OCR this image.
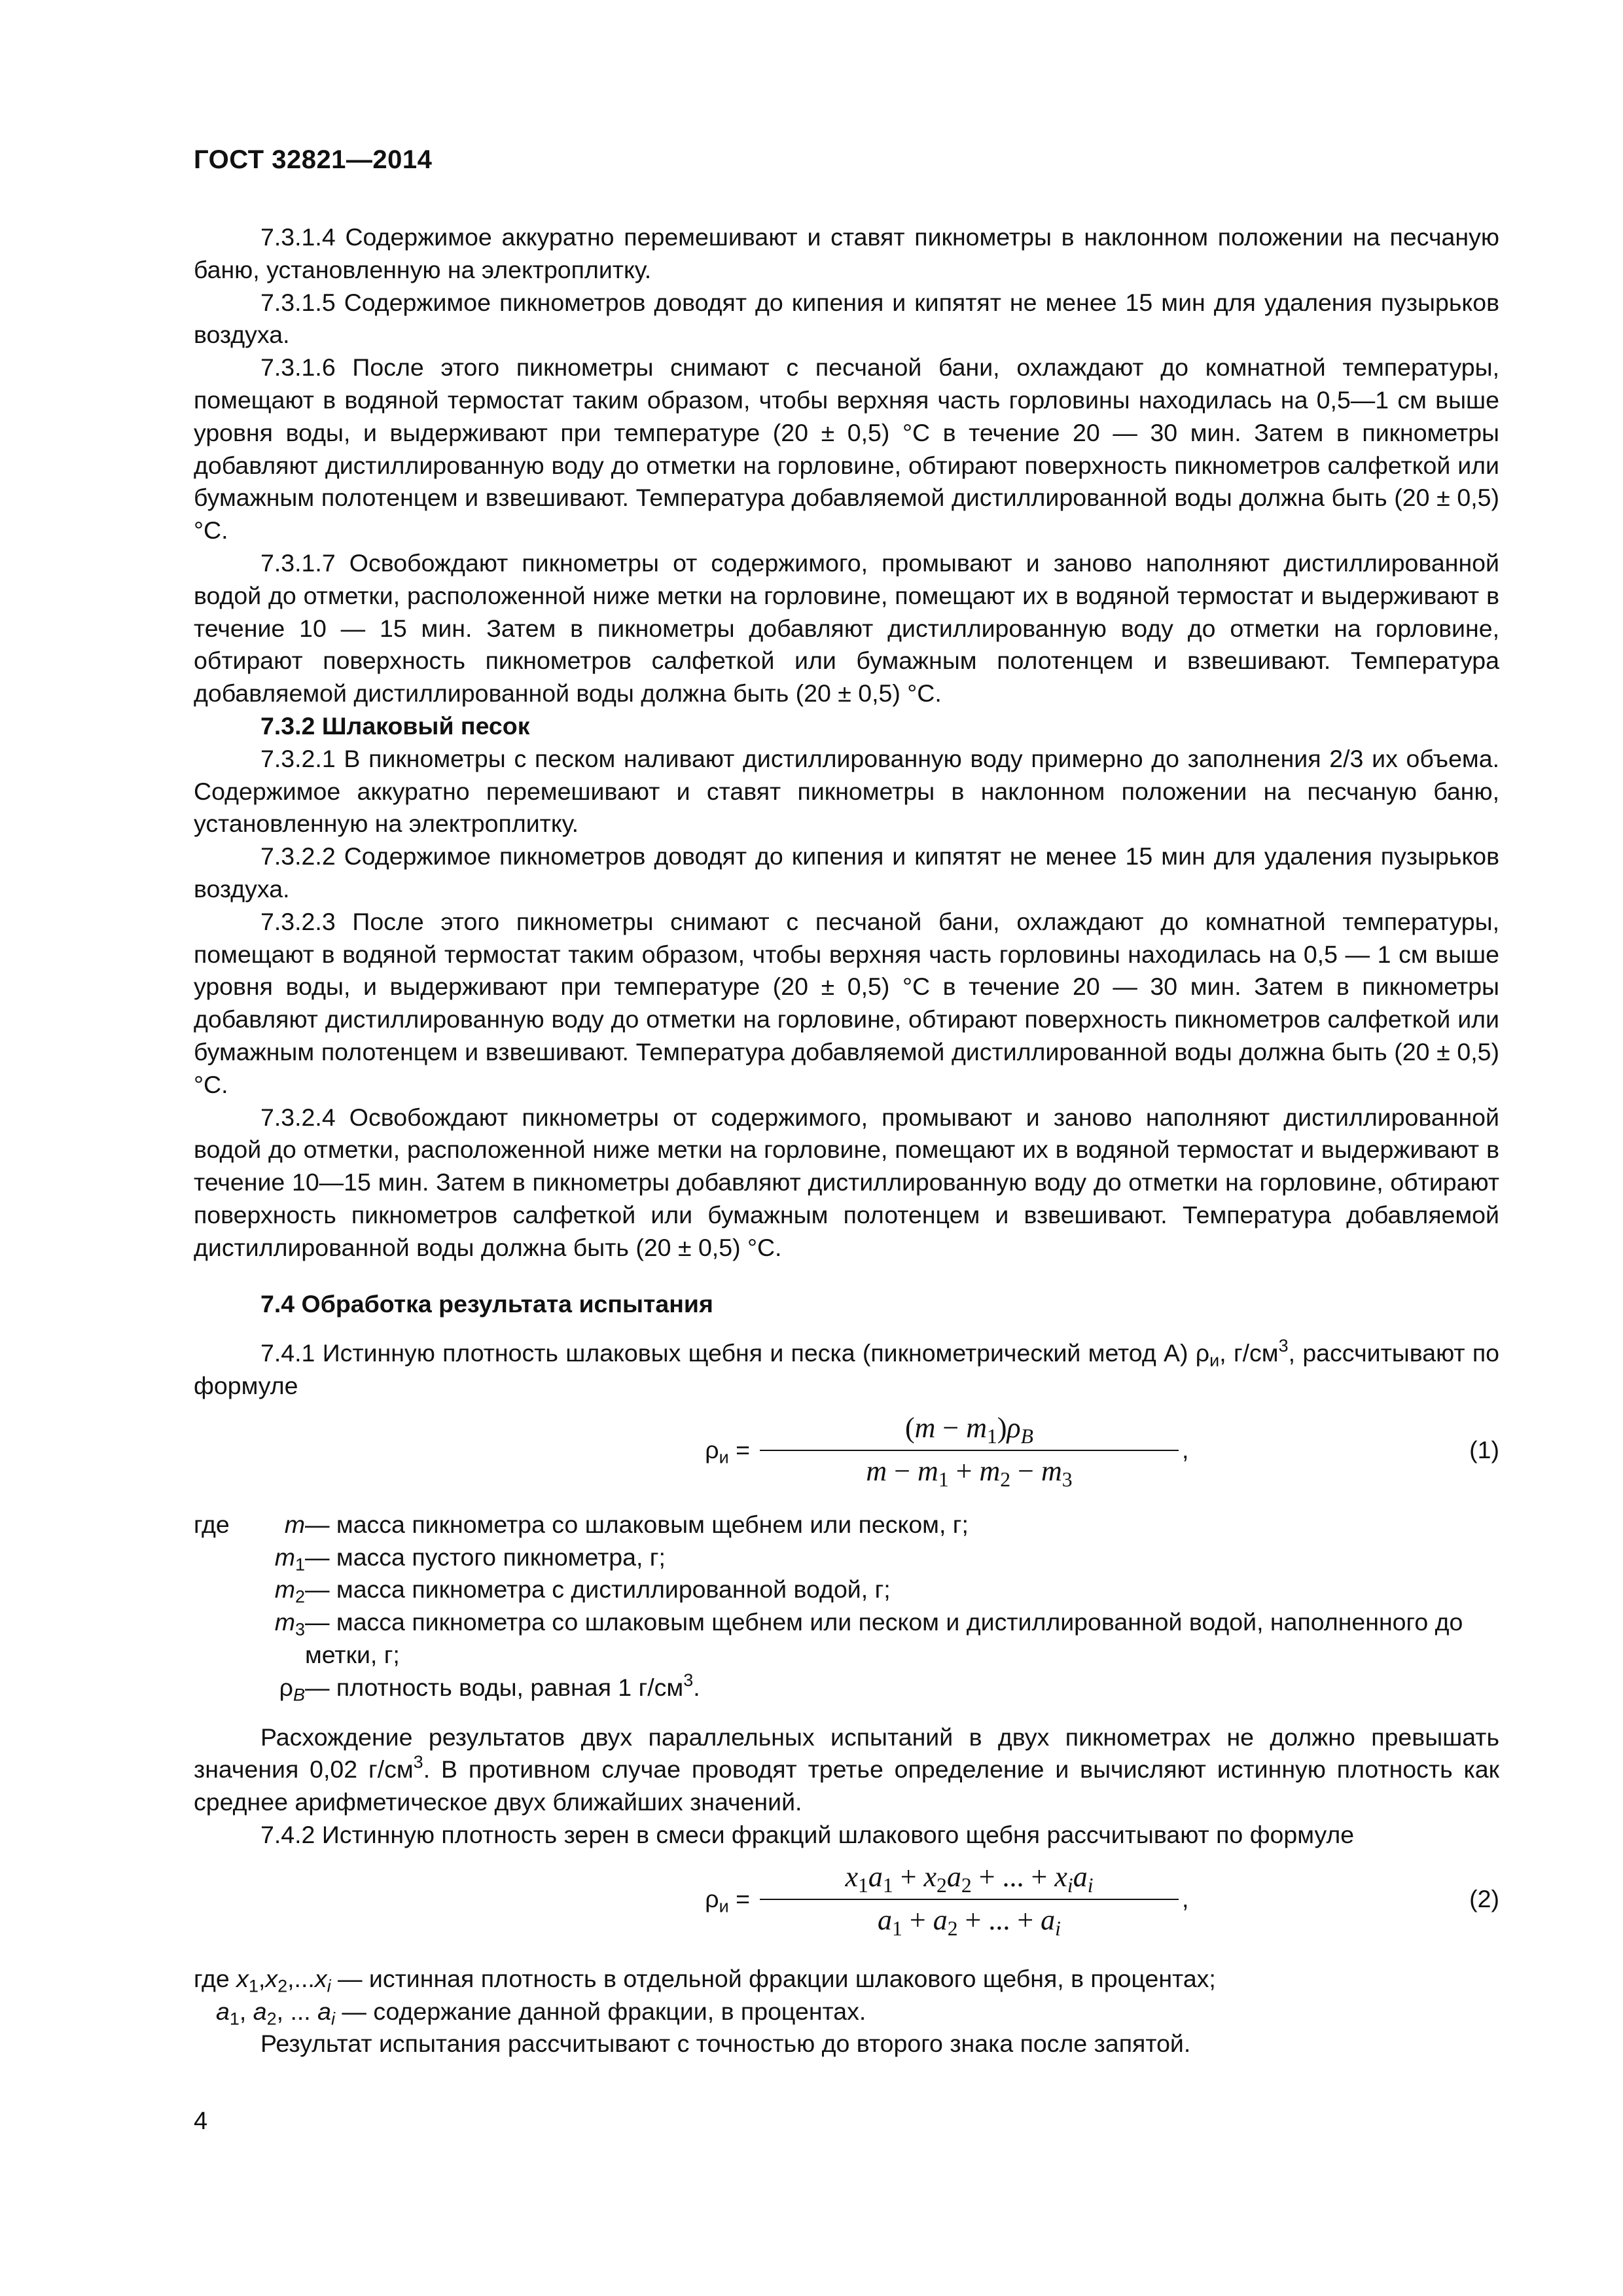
ГОСТ 32821—2014

7.3.1.4 Содержимое аккуратно перемешивают и ставят пикнометры в наклонном положении на песчаную баню, установленную на электроплитку.

7.3.1.5 Содержимое пикнометров доводят до кипения и кипятят не менее 15 мин для удаления пузырьков воздуха.

7.3.1.6 После этого пикнометры снимают с песчаной бани, охлаждают до комнатной температуры, помещают в водяной термостат таким образом, чтобы верхняя часть горловины находилась на 0,5—1 см выше уровня воды, и выдерживают при температуре (20 ± 0,5) °С в течение 20 — 30 мин. Затем в пикнометры добавляют дистиллированную воду до отметки на горловине, обтирают поверхность пикнометров салфеткой или бумажным полотенцем и взвешивают. Температура добавляемой дистиллированной воды должна быть (20 ± 0,5) °С.

7.3.1.7 Освобождают пикнометры от содержимого, промывают и заново наполняют дистиллированной водой до отметки, расположенной ниже метки на горловине, помещают их в водяной термостат и выдерживают в течение 10 — 15 мин. Затем в пикнометры добавляют дистиллированную воду до отметки на горловине, обтирают поверхность пикнометров салфеткой или бумажным полотенцем и взвешивают. Температура добавляемой дистиллированной воды должна быть (20 ± 0,5) °С.

7.3.2 Шлаковый песок

7.3.2.1 В пикнометры с песком наливают дистиллированную воду примерно до заполнения 2/3 их объема. Содержимое аккуратно перемешивают и ставят пикнометры в наклонном положении на песчаную баню, установленную на электроплитку.

7.3.2.2 Содержимое пикнометров доводят до кипения и кипятят не менее 15 мин для удаления пузырьков воздуха.

7.3.2.3 После этого пикнометры снимают с песчаной бани, охлаждают до комнатной температуры, помещают в водяной термостат таким образом, чтобы верхняя часть горловины находилась на 0,5 — 1 см выше уровня воды, и выдерживают при температуре (20 ± 0,5) °С в течение 20 — 30 мин. Затем в пикнометры добавляют дистиллированную воду до отметки на горловине, обтирают поверхность пикнометров салфеткой или бумажным полотенцем и взвешивают. Температура добавляемой дистиллированной воды должна быть (20 ± 0,5) °С.

7.3.2.4 Освобождают пикнометры от содержимого, промывают и заново наполняют дистиллированной водой до отметки, расположенной ниже метки на горловине, помещают их в водяной термостат и выдерживают в течение 10—15 мин. Затем в пикнометры добавляют дистиллированную воду до отметки на горловине, обтирают поверхность пикнометров салфеткой или бумажным полотенцем и взвешивают. Температура добавляемой дистиллированной воды должна быть (20 ± 0,5) °С.

7.4 Обработка результата испытания

7.4.1 Истинную плотность шлаковых щебня и песка (пикнометрический метод А) $\rho_и$, $г/см^3$, рассчитывают по формуле

$\rho_и = \frac{(m - m_1)\rho_B}{m - m_1 + m_2 - m_3}$ ,	(1)
где m — масса пикнометра со шлаковым щебнем или песком, г;
$m_1$ — масса пустого пикнометра, г;
$m_2$ — масса пикнометра с дистиллированной водой, г;
$m_3$ — масса пикнометра со шлаковым щебнем или песком и дистиллированной водой, наполненного до метки, г;
$\rho_В$ — плотность воды, равная 1 $г/см^3$.

Расхождение результатов двух параллельных испытаний в двух пикнометрах не должно превышать значения 0,02 $г/см^3$. В противном случае проводят третье определение и вычисляют истинную плотность как среднее арифметическое двух ближайших значений.

7.4.2 Истинную плотность зерен в смеси фракций шлакового щебня рассчитывают по формуле

$\rho_и$ =
$x_1a_1 + x_2a_2$ + ... + $x_ia_i$
$a_1 + a_2$ + ... + $a_i$
,	(2)
где $x_1,x_2,...x_i$ — истинная плотность в отдельной фракции шлакового щебня, в процентах;
$a_1$, $a_2$, ... $a_i$ — содержание данной фракции, в процентах.

Результат испытания рассчитывают с точностью до второго знака после запятой.

4
